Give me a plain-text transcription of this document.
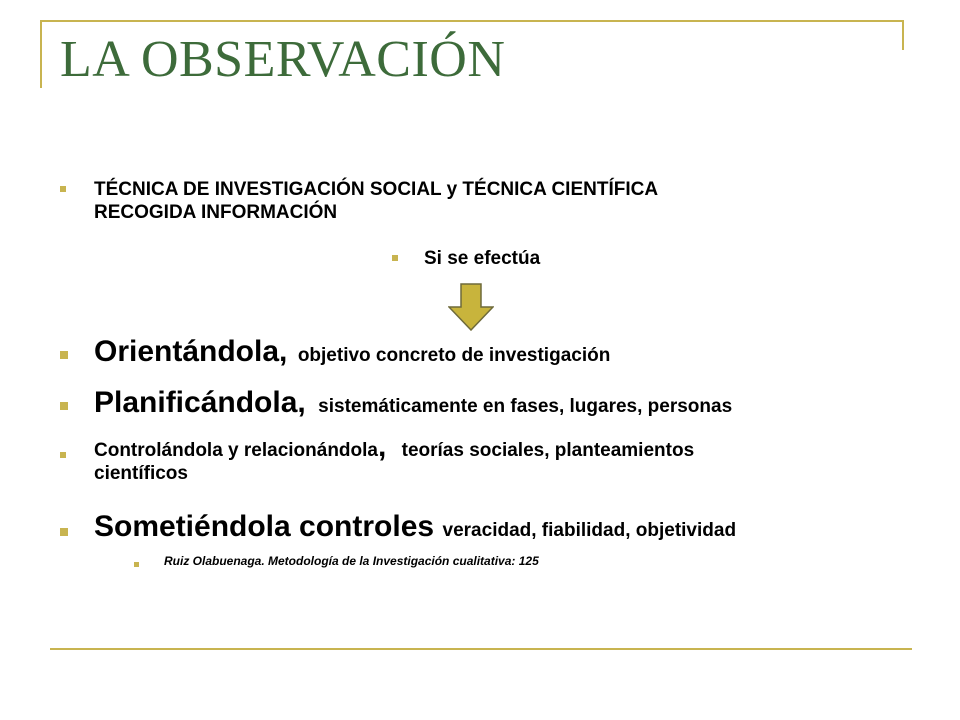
LA OBSERVACIÓN
TÉCNICA DE INVESTIGACIÓN SOCIAL y TÉCNICA CIENTÍFICA
RECOGIDA INFORMACIÓN
Si se efectúa
Orientándola, objetivo concreto de investigación
Planificándola, sistemáticamente en fases, lugares, personas
Controlándola y relacionándola, teorías sociales, planteamientos
científicos
Sometiéndola controles veracidad, fiabilidad, objetividad
Ruiz Olabuenaga. Metodología de la Investigación cualitativa: 125
